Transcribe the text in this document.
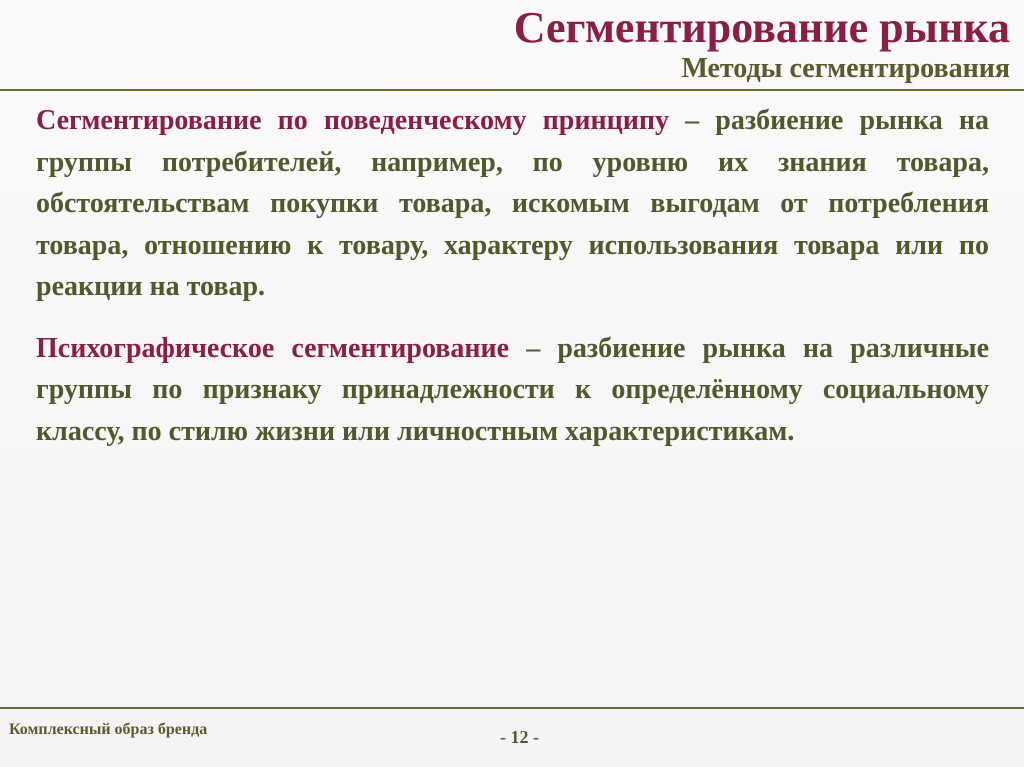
Сегментирование рынка
Методы сегментирования

Сегментирование по поведенческому принципу – разбиение рынка на группы потребителей, например, по уровню их знания товара, обстоятельствам покупки товара, искомым выгодам от потребления товара, отношению к товару, характеру использования товара или по реакции на товар.

Психографическое сегментирование – разбиение рынка на различные группы по признаку принадлежности к определённому социальному классу, по стилю жизни или личностным характеристикам.

Комплексный образ бренда	- 12 -
